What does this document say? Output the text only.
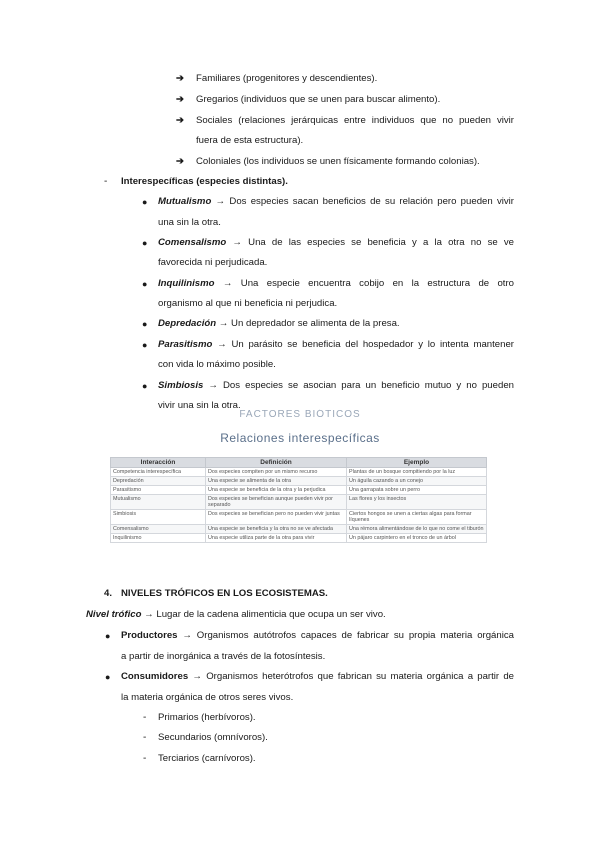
➔ Familiares (progenitores y descendientes).
➔ Gregarios (individuos que se unen para buscar alimento).
➔ Sociales (relaciones jerárquicas entre individuos que no pueden vivir
fuera de esta estructura).
➔ Coloniales (los individuos se unen físicamente formando colonias).
- Interespecíficas (especies distintas).
● Mutualismo → Dos especies sacan beneficios de su relación pero pueden vivir
una sin la otra.
● Comensalismo → Una de las especies se beneficia y a la otra no se ve
favorecida ni perjudicada.
● Inquilinismo → Una especie encuentra cobijo en la estructura de otro
organismo al que ni beneficia ni perjudica.
● Depredación → Un depredador se alimenta de la presa.
● Parasitismo → Un parásito se beneficia del hospedador y lo intenta mantener
con vida lo máximo posible.
● Simbiosis → Dos especies se asocian para un beneficio mutuo y no pueden
vivir una sin la otra.
FACTORES BIÓTICOS
Relaciones interespecíficas
Interacción	Definición	Ejemplo
Competencia interespecífica	Dos especies compiten por un mismo recurso	Plantas de un bosque compitiendo por la luz
Depredación	Una especie se alimenta de la otra	Un águila cazando a un conejo
Parasitismo	Una especie se beneficia de la otra y la perjudica	Una garrapata sobre un perro
Mutualismo	Dos especies se benefician aunque pueden vivir por separado	Las flores y los insectos
Simbiosis	Dos especies se benefician pero no pueden vivir juntas	Ciertos hongos se unen a ciertas algas para formar líquenes
Comensalismo	Una especie se beneficia y la otra no se ve afectada	Una rémora alimentándose de lo que no come el tiburón
Inquilinismo	Una especie utiliza parte de la otra para vivir	Un pájaro carpintero en el tronco de un árbol
4. NIVELES TRÓFICOS EN LOS ECOSISTEMAS.
Nivel trófico → Lugar de la cadena alimenticia que ocupa un ser vivo.
● Productores → Organismos autótrofos capaces de fabricar su propia materia orgánica
a partir de inorgánica a través de la fotosíntesis.
● Consumidores → Organismos heterótrofos que fabrican su materia orgánica a partir de
la materia orgánica de otros seres vivos.
- Primarios (herbívoros).
- Secundarios (omnívoros).
- Terciarios (carnívoros).
